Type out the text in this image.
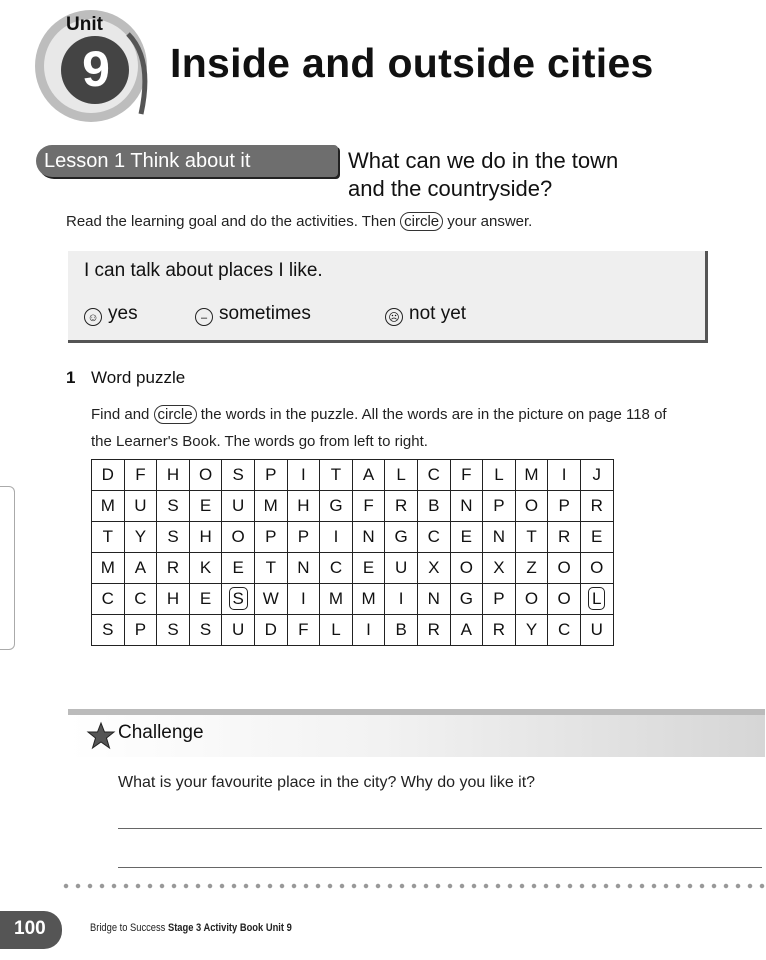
Unit
9 Inside and outside cities
Lesson 1 Think about it	What can we do in the town
and the countryside?
Read the learning goal and do the activities. Then circle your answer.
I can talk about places I like.
☺ yes	– sometimes	☹ not yet
1 Word puzzle
Find and circle the words in the puzzle. All the words are in the picture on page 118 of the Learner's Book. The words go from left to right.
D	F	H	O	S	P	I	T	A	L	C	F	L	M	I	J
M	U	S	E	U	M	H	G	F	R	B	N	P	O	P	R
T	Y	S	H	O	P	P	I	N	G	C	E	N	T	R	E
M	A	R	K	E	T	N	C	E	U	X	O	X	Z	O	O
C	C	H	E	S	W	I	M	M	I	N	G	P	O	O	L
S	P	S	S	U	D	F	L	I	B	R	A	R	Y	C	U
Challenge
What is your favourite place in the city? Why do you like it?
100	Bridge to Success Stage 3 Activity Book Unit 9
